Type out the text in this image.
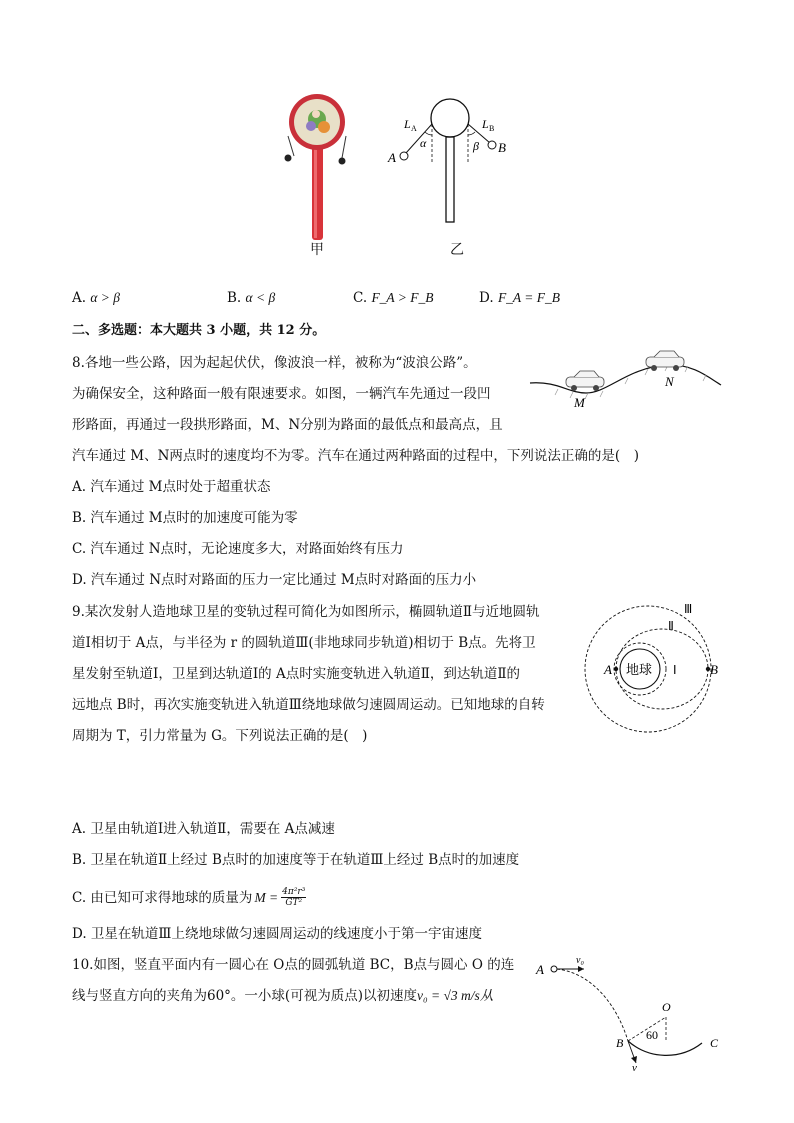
甲
L A	L B
α	β
A
B
乙
A. α > β	B. α < β	C. F_A > F_B	D. F_A = F_B
二、多选题：本大题共 3 小题，共 12 分。
8.各地一些公路，因为起起伏伏，像波浪一样，被称为“波浪公路”。
为确保安全，这种路面一般有限速要求。如图，一辆汽车先通过一段凹
形路面，再通过一段拱形路面，M、N分别为路面的最低点和最高点，且
汽车通过 M、N两点时的速度均不为零。汽车在通过两种路面的过程中，下列说法正确的是(　)
M
N
A. 汽车通过 M点时处于超重状态
B. 汽车通过 M点时的加速度可能为零
C. 汽车通过 N点时，无论速度多大，对路面始终有压力
D. 汽车通过 N点时对路面的压力一定比通过 M点时对路面的压力小
9.某次发射人造地球卫星的变轨过程可简化为如图所示，椭圆轨道Ⅱ与近地圆轨
道Ⅰ相切于 A点，与半径为 r 的圆轨道Ⅲ(非地球同步轨道)相切于 B点。先将卫
星发射至轨道Ⅰ，卫星到达轨道Ⅰ的 A点时实施变轨进入轨道Ⅱ，到达轨道Ⅱ的
远地点 B时，再次实施变轨进入轨道Ⅲ绕地球做匀速圆周运动。已知地球的自转
周期为 T，引力常量为 G。下列说法正确的是(　)
地球
A	B
Ⅰ
Ⅱ
Ⅲ
A. 卫星由轨道Ⅰ进入轨道Ⅱ，需要在 A点减速
B. 卫星在轨道Ⅱ上经过 B点时的加速度等于在轨道Ⅲ上经过 B点时的加速度
C. 由已知可求得地球的质量为 $M = \frac{\text{4π²r³}}{\text{GT²}}$
D. 卫星在轨道Ⅲ上绕地球做匀速圆周运动的线速度小于第一宇宙速度
10.如图，竖直平面内有一圆心在 O点的圆弧轨道 BC，B点与圆心 O 的连
线与竖直方向的夹角为60°。一小球(可视为质点)以初速度v₀ = √3 m/s从
A
v₀
O
60
B	C
v
